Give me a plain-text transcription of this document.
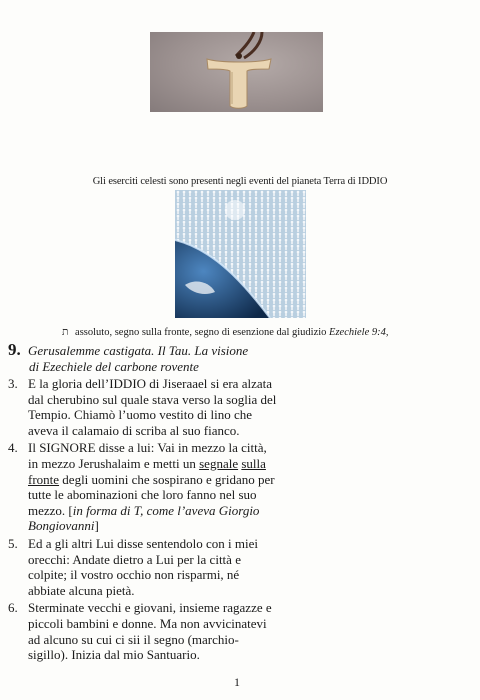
Gli eserciti celesti sono presenti negli eventi del pianeta Terra di IDDIO
ת assoluto, segno sulla fronte, segno di esenzione dal giudizio Ezechiele 9:4,
9. Gerusalemme castigata. Il Tau. La visione
di Ezechiele del carbone rovente
3. E la gloria dell’IDDIO di Jiseraael si era alzata dal cherubino sul quale stava verso la soglia del Tempio. Chiamò l’uomo vestito di lino che aveva il calamaio di scriba al suo fianco.
4. Il SIGNORE disse a lui: Vai in mezzo la città, in mezzo Jerushalaim e metti un segnale sulla fronte degli uomini che sospirano e gridano per tutte le abominazioni che loro fanno nel suo mezzo. [in forma di T, come l’aveva Giorgio Bongiovanni]
5. Ed a gli altri Lui disse sentendolo con i miei orecchi: Andate dietro a Lui per la città e colpite; il vostro occhio non risparmi, né abbiate alcuna pietà.
6. Sterminate vecchi e giovani, insieme ragazze e piccoli bambini e donne. Ma non avvicinatevi ad alcuno su cui ci sii il segno (marchio-sigillo). Inizia dal mio Santuario.
1
